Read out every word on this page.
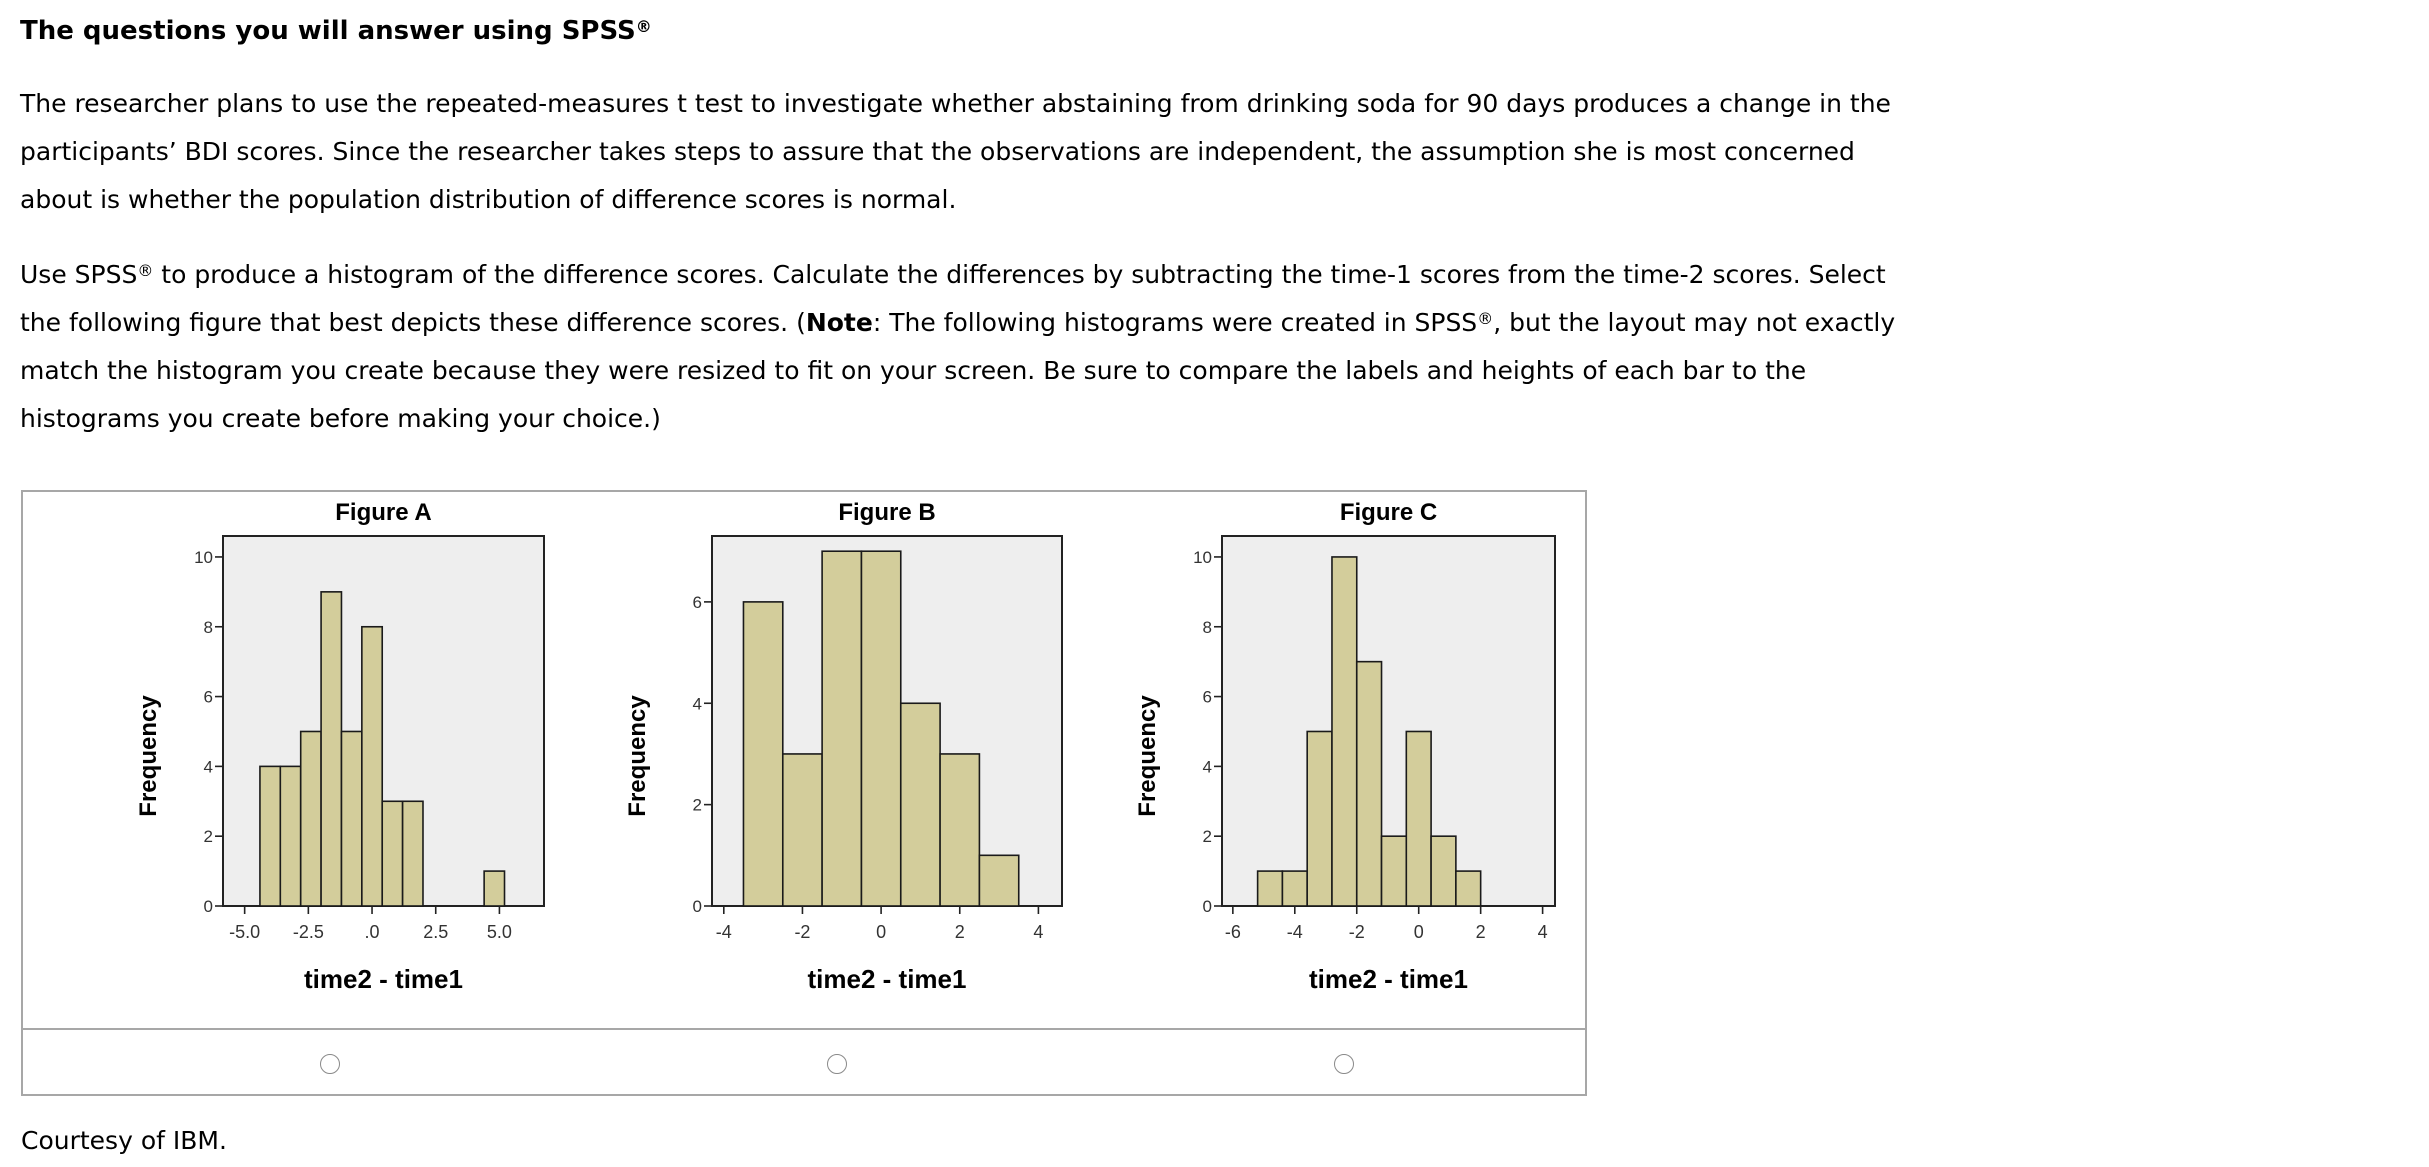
The questions you will answer using SPSS®

The researcher plans to use the repeated-measures t test to investigate whether abstaining from drinking soda for 90 days produces a change in the participants’ BDI scores. Since the researcher takes steps to assure that the observations are independent, the assumption she is most concerned about is whether the population distribution of difference scores is normal.

Use SPSS® to produce a histogram of the difference scores. Calculate the differences by subtracting the time-1 scores from the time-2 scores. Select the following figure that best depicts these difference scores. (Note: The following histograms were created in SPSS®, but the layout may not exactly match the histogram you create because they were resized to fit on your screen. Be sure to compare the labels and heights of each bar to the histograms you create before making your choice.)

Figure A
0
2
4
6
8
10
-5.0 -2.5 .0 2.5 5.0
time2 - time1
Frequency
Figure B
0
2
4
6
-4	-2	0	2	4
time2 - time1
Frequency
Figure C
0
2
4
6
8
10
-6	-4	-2	0	2	4
time2 - time1
Frequency
Courtesy of IBM.
